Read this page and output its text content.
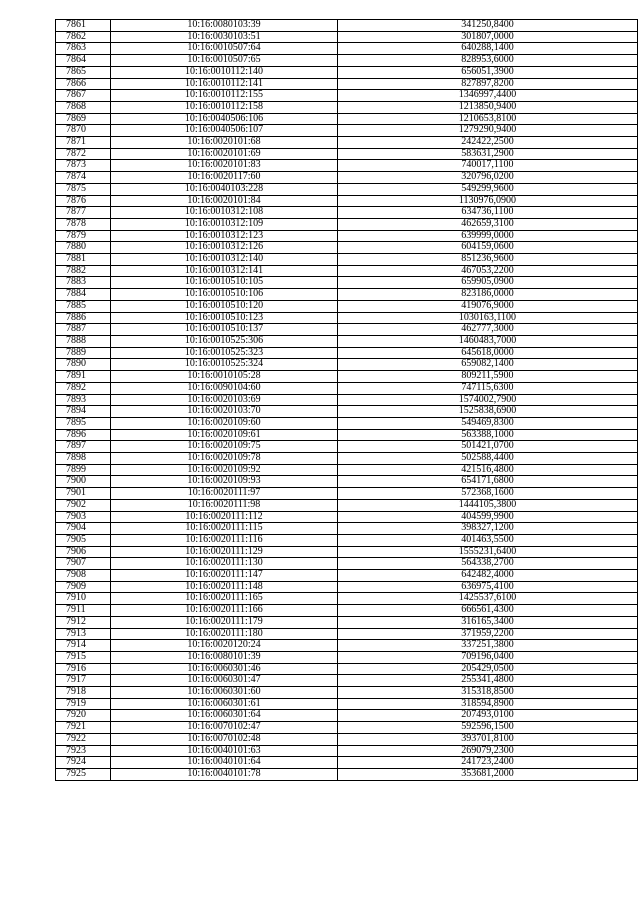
7861	10:16:0080103:39	341250,8400
7862	10:16:0030103:51	301807,0000
7863	10:16:0010507:64	640288,1400
7864	10:16:0010507:65	828953,6000
7865	10:16:0010112:140	656051,3900
7866	10:16:0010112:141	827897,8200
7867	10:16:0010112:155	1346997,4400
7868	10:16:0010112:158	1213850,9400
7869	10:16:0040506:106	1210653,8100
7870	10:16:0040506:107	1279290,9400
7871	10:16:0020101:68	242422,2500
7872	10:16:0020101:69	583631,2900
7873	10:16:0020101:83	740017,1100
7874	10:16:0020117:60	320796,0200
7875	10:16:0040103:228	549299,9600
7876	10:16:0020101:84	1130976,0900
7877	10:16:0010312:108	634736,1100
7878	10:16:0010312:109	462659,3100
7879	10:16:0010312:123	639999,0000
7880	10:16:0010312:126	604159,0600
7881	10:16:0010312:140	851236,9600
7882	10:16:0010312:141	467053,2200
7883	10:16:0010510:105	659905,0900
7884	10:16:0010510:106	823186,0000
7885	10:16:0010510:120	419076,9000
7886	10:16:0010510:123	1030163,1100
7887	10:16:0010510:137	462777,3000
7888	10:16:0010525:306	1460483,7000
7889	10:16:0010525:323	645618,0000
7890	10:16:0010525:324	659082,1400
7891	10:16:0010105:28	809211,5900
7892	10:16:0090104:60	747115,6300
7893	10:16:0020103:69	1574002,7900
7894	10:16:0020103:70	1525838,6900
7895	10:16:0020109:60	549469,8300
7896	10:16:0020109:61	563388,1000
7897	10:16:0020109:75	501421,0700
7898	10:16:0020109:78	502588,4400
7899	10:16:0020109:92	421516,4800
7900	10:16:0020109:93	654171,6800
7901	10:16:0020111:97	572368,1600
7902	10:16:0020111:98	1444105,3800
7903	10:16:0020111:112	404599,9900
7904	10:16:0020111:115	398327,1200
7905	10:16:0020111:116	401463,5500
7906	10:16:0020111:129	1555231,6400
7907	10:16:0020111:130	564338,2700
7908	10:16:0020111:147	642482,4000
7909	10:16:0020111:148	636975,4100
7910	10:16:0020111:165	1425537,6100
7911	10:16:0020111:166	666561,4300
7912	10:16:0020111:179	316165,3400
7913	10:16:0020111:180	371959,2200
7914	10:16:0020120:24	337251,3800
7915	10:16:0080101:39	709196,0400
7916	10:16:0060301:46	205429,0500
7917	10:16:0060301:47	255341,4800
7918	10:16:0060301:60	315318,8500
7919	10:16:0060301:61	318594,8900
7920	10:16:0060301:64	207493,0100
7921	10:16:0070102:47	592596,1500
7922	10:16:0070102:48	393701,8100
7923	10:16:0040101:63	269079,2300
7924	10:16:0040101:64	241723,2400
7925	10:16:0040101:78	353681,2000
